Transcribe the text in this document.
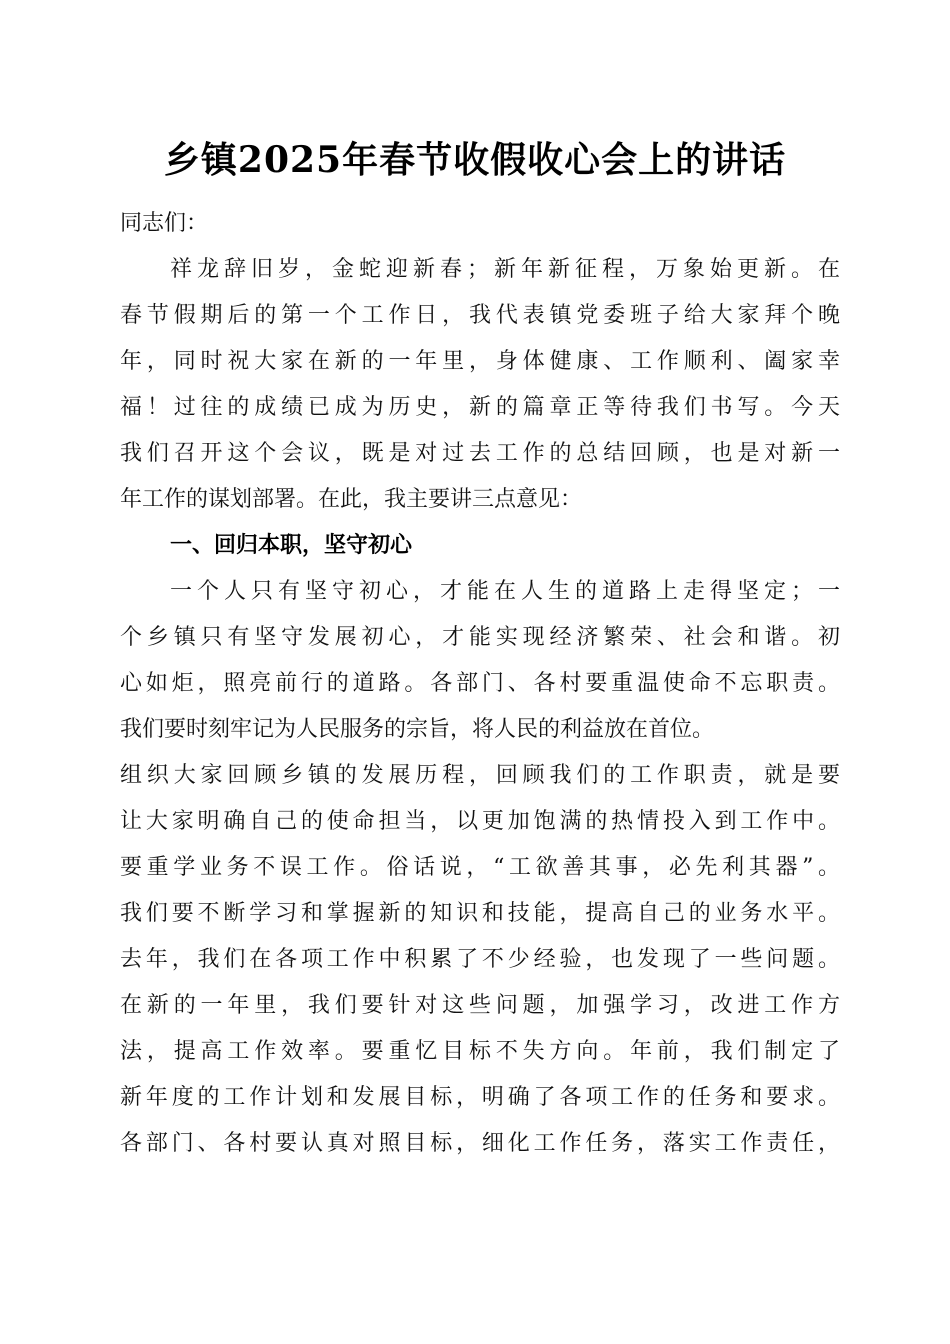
乡镇2025年春节收假收心会上的讲话

同志们：

祥龙辞旧岁，金蛇迎新春；新年新征程，万象始更新。在

春节假期后的第一个工作日，我代表镇党委班子给大家拜个晚

年，同时祝大家在新的一年里，身体健康、工作顺利、阖家幸

福！过往的成绩已成为历史，新的篇章正等待我们书写。今天

我们召开这个会议，既是对过去工作的总结回顾，也是对新一

年工作的谋划部署。在此，我主要讲三点意见：

一、回归本职，坚守初心

一个人只有坚守初心，才能在人生的道路上走得坚定；一

个乡镇只有坚守发展初心，才能实现经济繁荣、社会和谐。初

心如炬，照亮前行的道路。各部门、各村要重温使命不忘职责。

我们要时刻牢记为人民服务的宗旨，将人民的利益放在首位。

组织大家回顾乡镇的发展历程，回顾我们的工作职责，就是要

让大家明确自己的使命担当，以更加饱满的热情投入到工作中。

要重学业务不误工作。俗话说，“工欲善其事，必先利其器”。

我们要不断学习和掌握新的知识和技能，提高自己的业务水平。

去年，我们在各项工作中积累了不少经验，也发现了一些问题。

在新的一年里，我们要针对这些问题，加强学习，改进工作方

法，提高工作效率。要重忆目标不失方向。年前，我们制定了

新年度的工作计划和发展目标，明确了各项工作的任务和要求。

各部门、各村要认真对照目标，细化工作任务，落实工作责任，
